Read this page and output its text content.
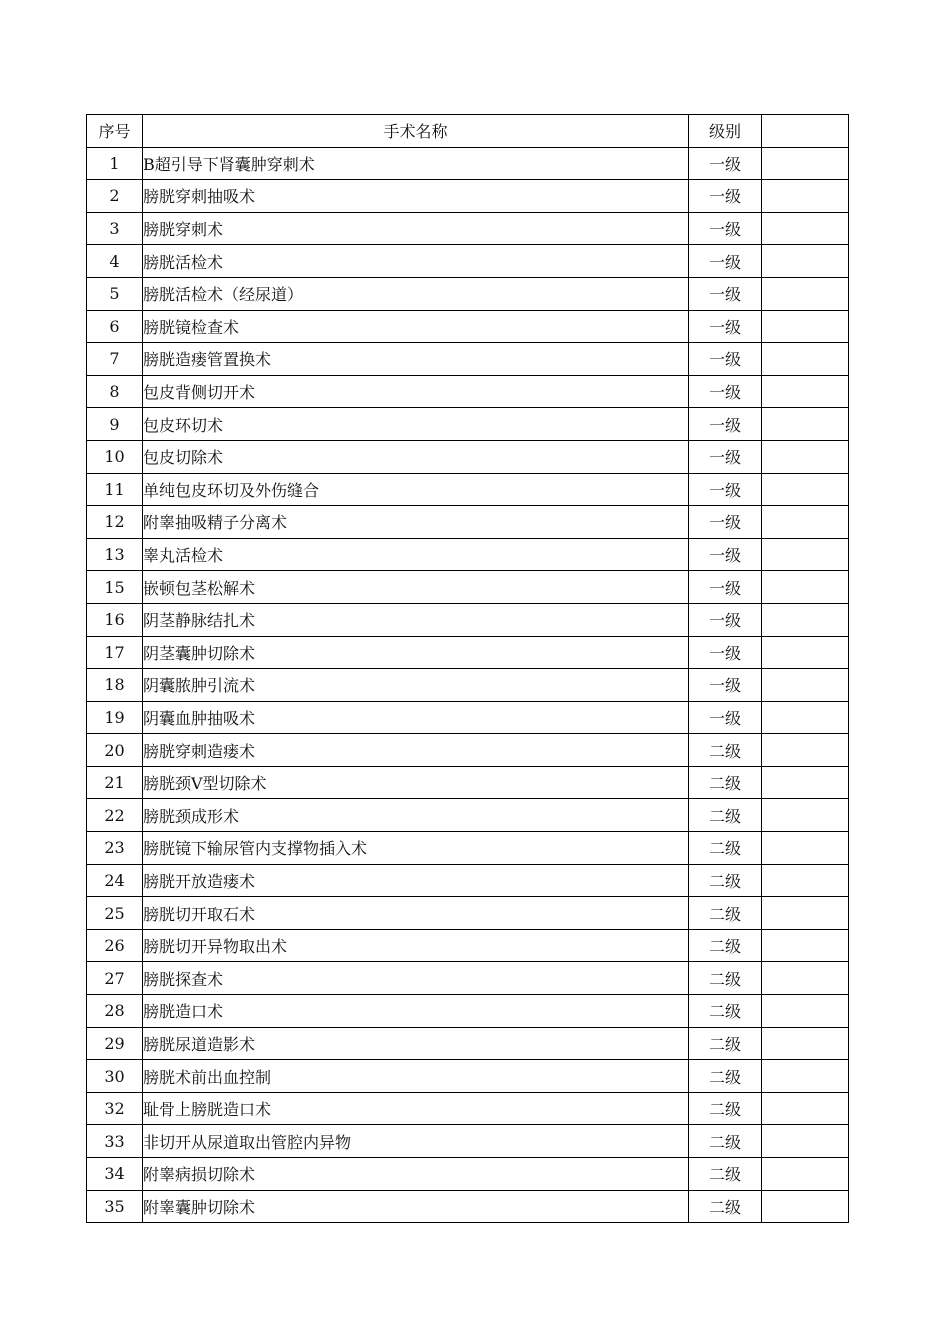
序号	手术名称	级别	
1	B超引导下肾囊肿穿刺术	一级	
2	膀胱穿刺抽吸术	一级	
3	膀胱穿刺术	一级	
4	膀胱活检术	一级	
5	膀胱活检术（经尿道）	一级	
6	膀胱镜检查术	一级	
7	膀胱造瘘管置换术	一级	
8	包皮背侧切开术	一级	
9	包皮环切术	一级	
10	包皮切除术	一级	
11	单纯包皮环切及外伤缝合	一级	
12	附睾抽吸精子分离术	一级	
13	睾丸活检术	一级	
15	嵌顿包茎松解术	一级	
16	阴茎静脉结扎术	一级	
17	阴茎囊肿切除术	一级	
18	阴囊脓肿引流术	一级	
19	阴囊血肿抽吸术	一级	
20	膀胱穿刺造瘘术	二级	
21	膀胱颈V型切除术	二级	
22	膀胱颈成形术	二级	
23	膀胱镜下输尿管内支撑物插入术	二级	
24	膀胱开放造瘘术	二级	
25	膀胱切开取石术	二级	
26	膀胱切开异物取出术	二级	
27	膀胱探查术	二级	
28	膀胱造口术	二级	
29	膀胱尿道造影术	二级	
30	膀胱术前出血控制	二级	
32	耻骨上膀胱造口术	二级	
33	非切开从尿道取出管腔内异物	二级	
34	附睾病损切除术	二级	
35	附睾囊肿切除术	二级	
